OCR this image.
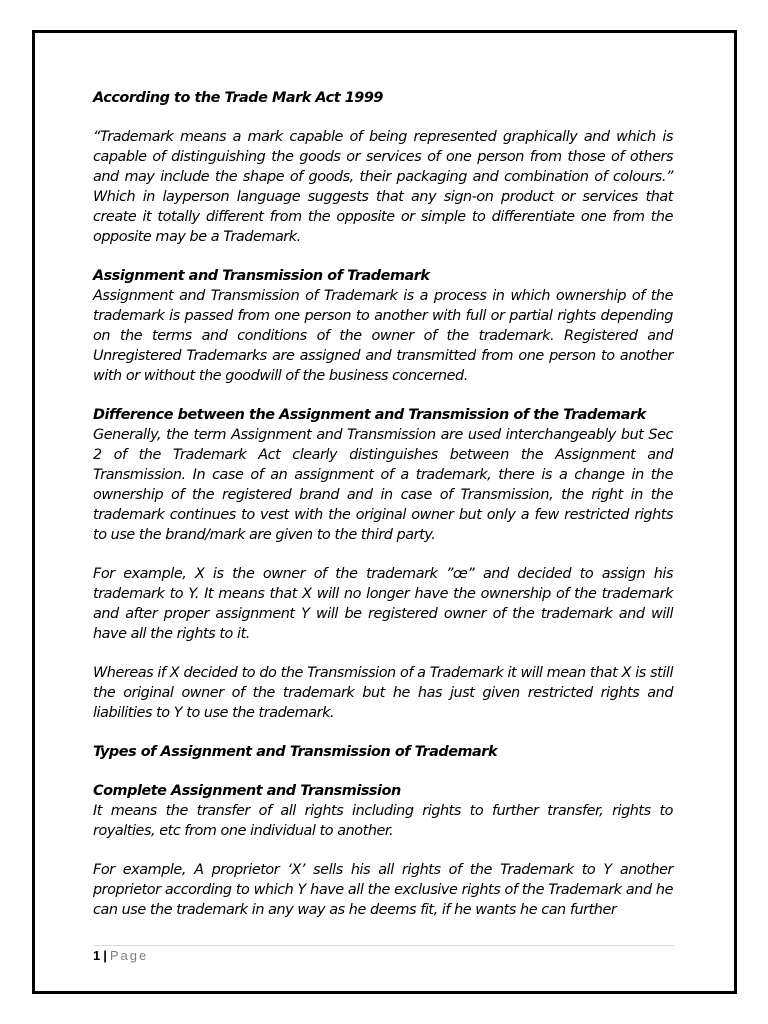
According to the Trade Mark Act 1999

“Trademark means a mark capable of being represented graphically and which is capable of distinguishing the goods or services of one person from those of others and may include the shape of goods, their packaging and combination of colours.” Which in layperson language suggests that any sign-on product or services that create it totally different from the opposite or simple to differentiate one from the opposite may be a Trademark.

Assignment and Transmission of Trademark

Assignment and Transmission of Trademark is a process in which ownership of the trademark is passed from one person to another with full or partial rights depending on the terms and conditions of the owner of the trademark. Registered and Unregistered Trademarks are assigned and transmitted from one person to another with or without the goodwill of the business concerned.

Difference between the Assignment and Transmission of the Trademark

Generally, the term Assignment and Transmission are used interchangeably but Sec 2 of the Trademark Act clearly distinguishes between the Assignment and Transmission. In case of an assignment of a trademark, there is a change in the ownership of the registered brand and in case of Transmission, the right in the trademark continues to vest with the original owner but only a few restricted rights to use the brand/mark are given to the third party.

For example, X is the owner of the trademark ”œ” and decided to assign his trademark to Y. It means that X will no longer have the ownership of the trademark and after proper assignment Y will be registered owner of the trademark and will have all the rights to it.

Whereas if X decided to do the Transmission of a Trademark it will mean that X is still the original owner of the trademark but he has just given restricted rights and liabilities to Y to use the trademark.

Types of Assignment and Transmission of Trademark
Complete Assignment and Transmission

It means the transfer of all rights including rights to further transfer, rights to royalties, etc from one individual to another.

For example, A proprietor ‘X’ sells his all rights of the Trademark to Y another proprietor according to which Y have all the exclusive rights of the Trademark and he can use the trademark in any way as he deems fit, if he wants he can further

1 | Page
